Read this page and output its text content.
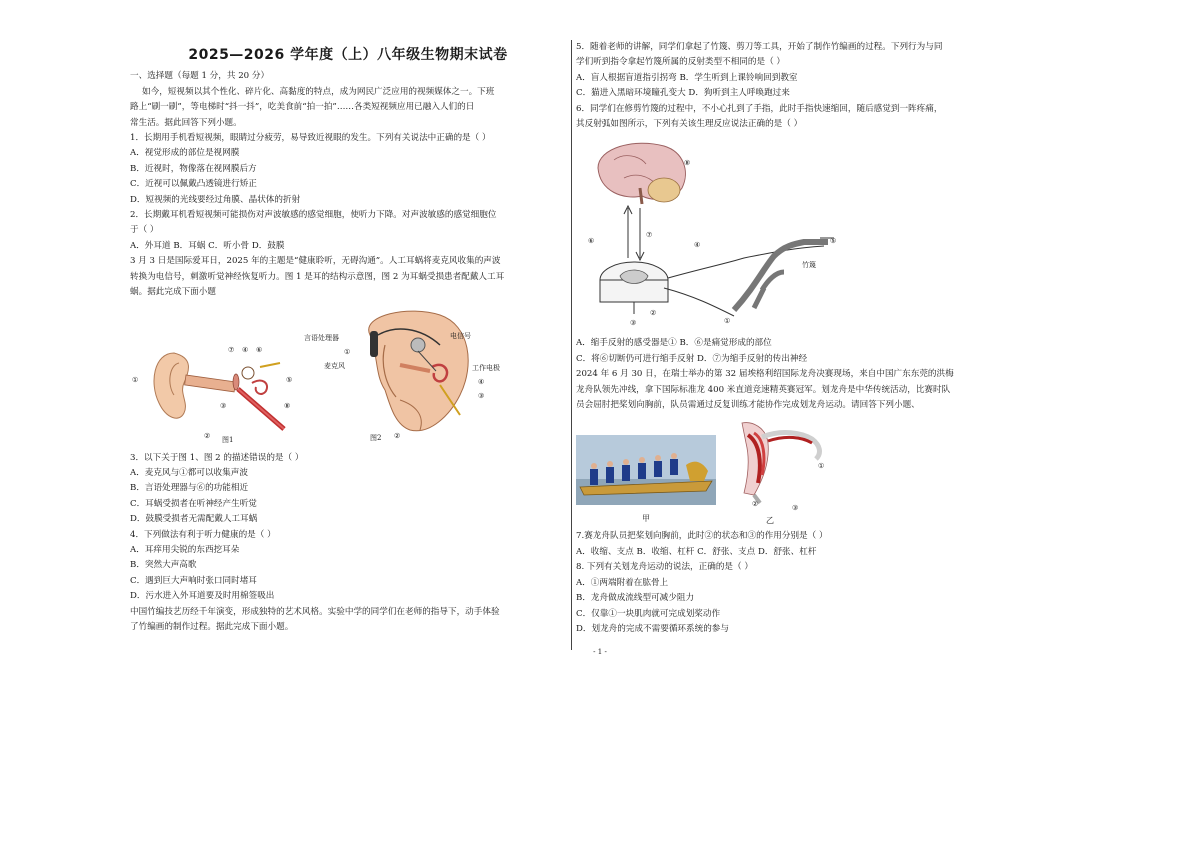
2025—2026 学年度（上）八年级生物期末试卷
一、选择题（每题 1 分，共 20 分）
如今，短视频以其个性化、碎片化、高黏度的特点，成为网民广泛应用的视频媒体之一。下班
路上“刷一刷”，等电梯时“抖一抖”，吃美食前“拍一拍”……各类短视频应用已融入人们的日
常生活。据此回答下列小题。
1．长期用手机看短视频，眼睛过分疲劳，易导致近视眼的发生。下列有关说法中正确的是（ ）
A．视觉形成的部位是视网膜
B．近视时，物像落在视网膜后方
C．近视可以佩戴凸透镜进行矫正
D．短视频的光线要经过角膜、晶状体的折射
2．长期戴耳机看短视频可能损伤对声波敏感的感觉细胞，使听力下降。对声波敏感的感觉细胞位
于（ ）
A．外耳道 B．耳蜗 C．听小骨 D．鼓膜
3 月 3 日是国际爱耳日，2025 年的主题是“健康聆听，无碍沟通”。人工耳蜗将麦克风收集的声波
转换为电信号，刺激听觉神经恢复听力。图 1 是耳的结构示意图，图 2 为耳蜗受损患者配戴人工耳
蜗。据此完成下面小题
①
②
⑦ ④ ⑥
⑤
⑧
③
图1
言语处理器	电信号
麦克风	工作电极
①
②
③
④
图2
3．以下关于图 1、图 2 的描述错误的是（ ）
A．麦克风与①都可以收集声波
B．言语处理器与⑥的功能相近
C．耳蜗受损者在听神经产生听觉
D．鼓膜受损者无需配戴人工耳蜗
4．下列做法有利于听力健康的是（ ）
A．耳痒用尖锐的东西挖耳朵
B．突然大声高歌
C．遇到巨大声响时张口同时堵耳
D．污水进入外耳道要及时用棉签吸出
中国竹编技艺历经千年演变，形成独特的艺术风格。实验中学的同学们在老师的指导下，动手体验
了竹编画的制作过程。据此完成下面小题。
5．随着老师的讲解，同学们拿起了竹篾、剪刀等工具，开始了制作竹编画的过程。下列行为与同
学们听到指令拿起竹篾所属的反射类型不相同的是（ ）
A．盲人根据盲道指引拐弯 B．学生听到上课铃响回到教室
C．猫进入黑暗环境瞳孔变大 D．狗听到主人呼唤跑过来
6．同学们在修剪竹篾的过程中，不小心扎到了手指，此时手指快速缩回，随后感觉到一阵疼痛，
其反射弧如图所示，下列有关该生理反应说法正确的是（ ）
⑧
⑥
⑦
④	⑤
竹篾
③	①
②
A．缩手反射的感受器是① B．⑥是痛觉形成的部位
C．将⑥切断仍可进行缩手反射 D．⑦为缩手反射的传出神经
2024 年 6 月 30 日，在瑞士举办的第 32 届埃格利绍国际龙舟决赛现场，来自中国广东东莞的洪梅
龙舟队领先冲线，拿下国际标准龙 400 米直道竞速精英赛冠军。划龙舟是中华传统活动，比赛时队
员会屈肘把桨划向胸前，队员需通过反复训练才能协作完成划龙舟运动。请回答下列小题、
甲
①
②	③
乙
7.赛龙舟队员把桨划向胸前，此时②的状态和③的作用分别是（ ）
A．收缩、支点 B．收缩、杠杆 C．舒张、支点 D．舒张、杠杆
8. 下列有关划龙舟运动的说法，正确的是（ ）
A．①两端附着在肱骨上
B．龙舟做成流线型可减少阻力
C．仅靠①一块肌肉就可完成划桨动作
D．划龙舟的完成不需要循环系统的参与
- 1 -
